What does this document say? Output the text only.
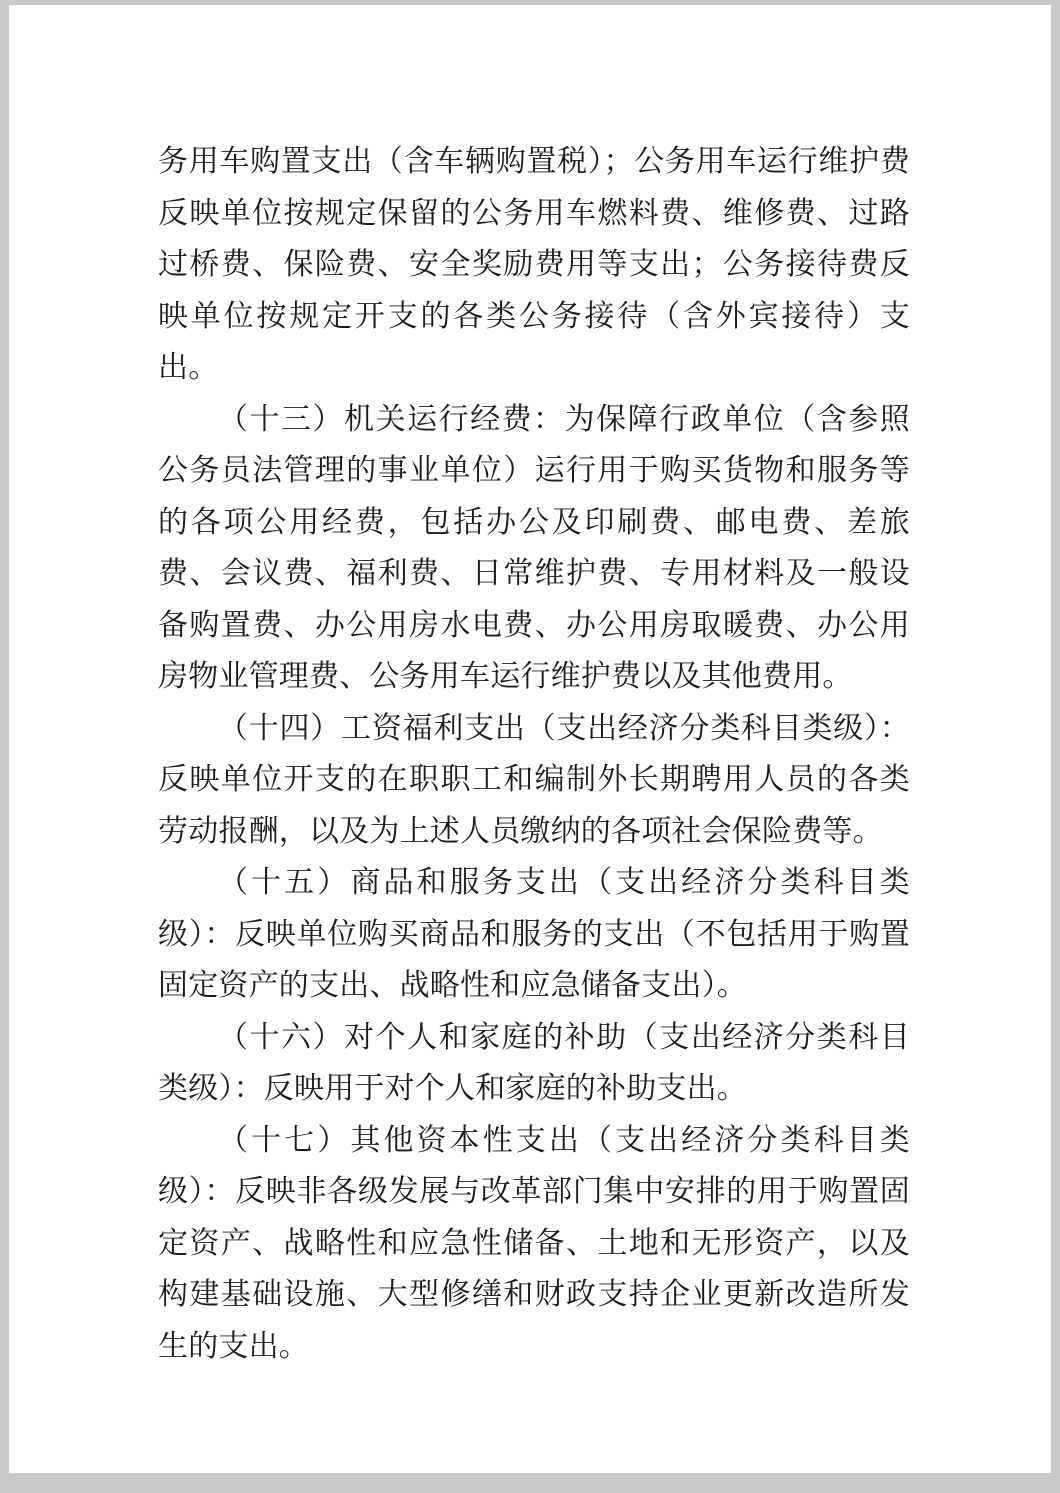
务用车购置支出（含车辆购置税）；公务用车运行维护费反映单位按规定保留的公务用车燃料费、维修费、过路过桥费、保险费、安全奖励费用等支出；公务接待费反映单位按规定开支的各类公务接待（含外宾接待）支出。

（十三）机关运行经费：为保障行政单位（含参照公务员法管理的事业单位）运行用于购买货物和服务等的各项公用经费，包括办公及印刷费、邮电费、差旅费、会议费、福利费、日常维护费、专用材料及一般设备购置费、办公用房水电费、办公用房取暖费、办公用房物业管理费、公务用车运行维护费以及其他费用。

（十四）工资福利支出（支出经济分类科目类级）：反映单位开支的在职职工和编制外长期聘用人员的各类劳动报酬，以及为上述人员缴纳的各项社会保险费等。

（十五）商品和服务支出（支出经济分类科目类级）：反映单位购买商品和服务的支出（不包括用于购置固定资产的支出、战略性和应急储备支出）。

（十六）对个人和家庭的补助（支出经济分类科目类级）：反映用于对个人和家庭的补助支出。

（十七）其他资本性支出（支出经济分类科目类级）：反映非各级发展与改革部门集中安排的用于购置固定资产、战略性和应急性储备、土地和无形资产，以及构建基础设施、大型修缮和财政支持企业更新改造所发生的支出。
